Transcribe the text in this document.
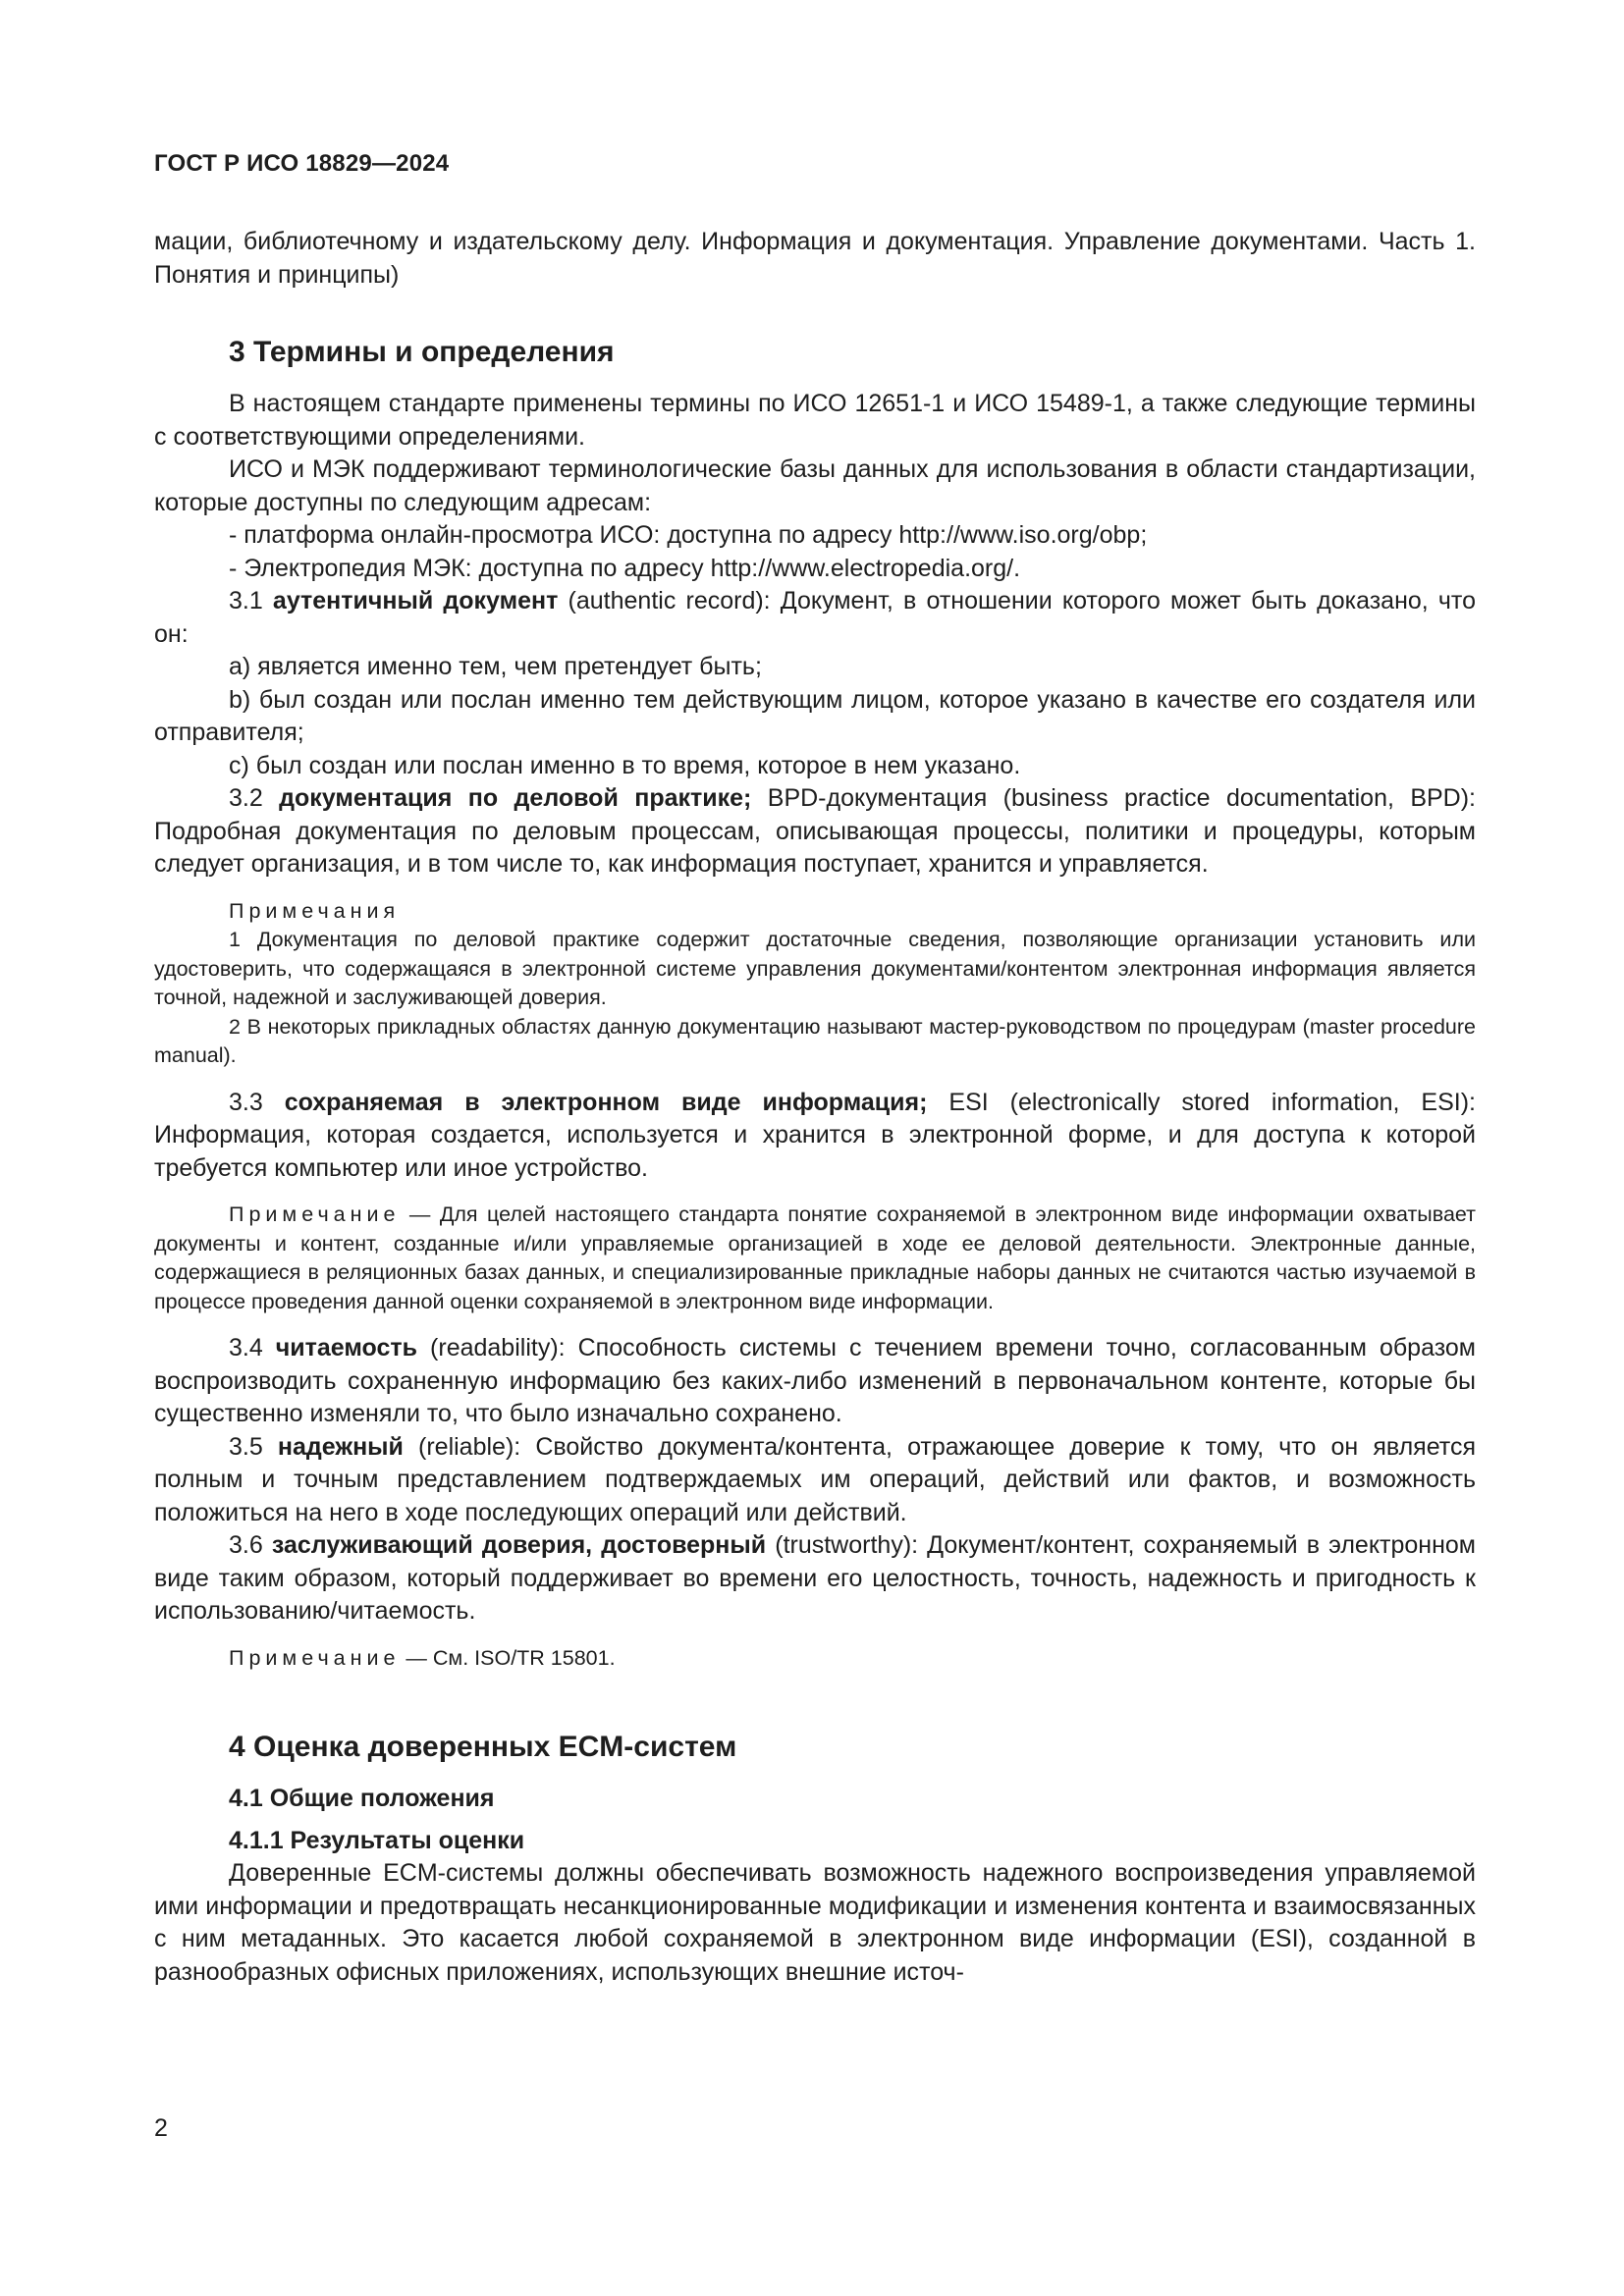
ГОСТ Р ИСО 18829—2024

мации, библиотечному и издательскому делу. Информация и документация. Управление документами. Часть 1. Понятия и принципы)

3 Термины и определения

В настоящем стандарте применены термины по ИСО 12651-1 и ИСО 15489-1, а также следующие термины с соответствующими определениями.

ИСО и МЭК поддерживают терминологические базы данных для использования в области стандартизации, которые доступны по следующим адресам:

- платформа онлайн-просмотра ИСО: доступна по адресу http://www.iso.org/obp;

- Электропедия МЭК: доступна по адресу http://www.electropedia.org/.

3.1 аутентичный документ (authentic record): Документ, в отношении которого может быть доказано, что он:

a) является именно тем, чем претендует быть;

b) был создан или послан именно тем действующим лицом, которое указано в качестве его создателя или отправителя;

c) был создан или послан именно в то время, которое в нем указано.

3.2 документация по деловой практике; BPD-документация (business practice documentation, BPD): Подробная документация по деловым процессам, описывающая процессы, политики и процедуры, которым следует организация, и в том числе то, как информация поступает, хранится и управляется.

Примечания

1 Документация по деловой практике содержит достаточные сведения, позволяющие организации установить или удостоверить, что содержащаяся в электронной системе управления документами/контентом электронная информация является точной, надежной и заслуживающей доверия.

2 В некоторых прикладных областях данную документацию называют мастер-руководством по процедурам (master procedure manual).

3.3 сохраняемая в электронном виде информация; ESI (electronically stored information, ESI): Информация, которая создается, используется и хранится в электронной форме, и для доступа к которой требуется компьютер или иное устройство.

Примечание — Для целей настоящего стандарта понятие сохраняемой в электронном виде информации охватывает документы и контент, созданные и/или управляемые организацией в ходе ее деловой деятельности. Электронные данные, содержащиеся в реляционных базах данных, и специализированные прикладные наборы данных не считаются частью изучаемой в процессе проведения данной оценки сохраняемой в электронном виде информации.

3.4 читаемость (readability): Способность системы с течением времени точно, согласованным образом воспроизводить сохраненную информацию без каких-либо изменений в первоначальном контенте, которые бы существенно изменяли то, что было изначально сохранено.

3.5 надежный (reliable): Свойство документа/контента, отражающее доверие к тому, что он является полным и точным представлением подтверждаемых им операций, действий или фактов, и возможность положиться на него в ходе последующих операций или действий.

3.6 заслуживающий доверия, достоверный (trustworthy): Документ/контент, сохраняемый в электронном виде таким образом, который поддерживает во времени его целостность, точность, надежность и пригодность к использованию/читаемость.

Примечание — См. ISO/TR 15801.

4 Оценка доверенных ECM-систем
4.1 Общие положения
4.1.1 Результаты оценки

Доверенные ECM-системы должны обеспечивать возможность надежного воспроизведения управляемой ими информации и предотвращать несанкционированные модификации и изменения контента и взаимосвязанных с ним метаданных. Это касается любой сохраняемой в электронном виде информации (ESI), созданной в разнообразных офисных приложениях, использующих внешние источ-

2
